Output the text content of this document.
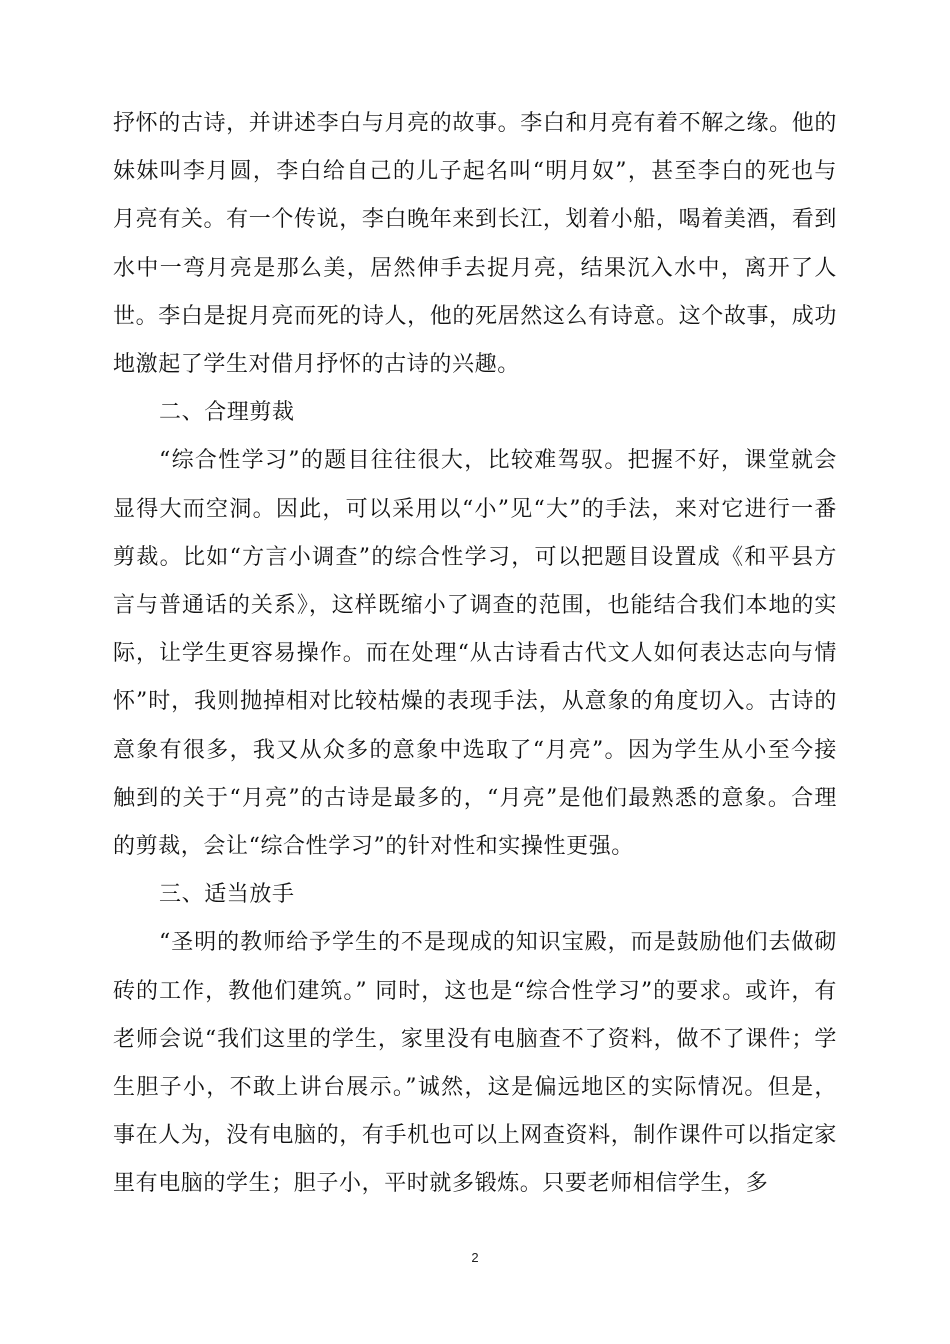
抒怀的古诗，并讲述李白与月亮的故事。李白和月亮有着不解之缘。他的妹妹叫李月圆，李白给自己的儿子起名叫“明月奴”，甚至李白的死也与月亮有关。有一个传说，李白晚年来到长江，划着小船，喝着美酒，看到水中一弯月亮是那么美，居然伸手去捉月亮，结果沉入水中，离开了人世。李白是捉月亮而死的诗人，他的死居然这么有诗意。这个故事，成功地激起了学生对借月抒怀的古诗的兴趣。

二、合理剪裁

“综合性学习”的题目往往很大，比较难驾驭。把握不好，课堂就会显得大而空洞。因此，可以采用以“小”见“大”的手法，来对它进行一番剪裁。比如“方言小调查”的综合性学习，可以把题目设置成《和平县方言与普通话的关系》，这样既缩小了调查的范围，也能结合我们本地的实际，让学生更容易操作。而在处理“从古诗看古代文人如何表达志向与情怀”时，我则抛掉相对比较枯燥的表现手法，从意象的角度切入。古诗的意象有很多，我又从众多的意象中选取了“月亮”。因为学生从小至今接触到的关于“月亮”的古诗是最多的，“月亮”是他们最熟悉的意象。合理的剪裁，会让“综合性学习”的针对性和实操性更强。

三、适当放手

“圣明的教师给予学生的不是现成的知识宝殿，而是鼓励他们去做砌砖的工作，教他们建筑。” 同时，这也是“综合性学习”的要求。或许，有老师会说“我们这里的学生，家里没有电脑查不了资料，做不了课件；学生胆子小，不敢上讲台展示。”诚然，这是偏远地区的实际情况。但是，事在人为，没有电脑的，有手机也可以上网查资料，制作课件可以指定家里有电脑的学生；胆子小，平时就多锻炼。只要老师相信学生，多

2
